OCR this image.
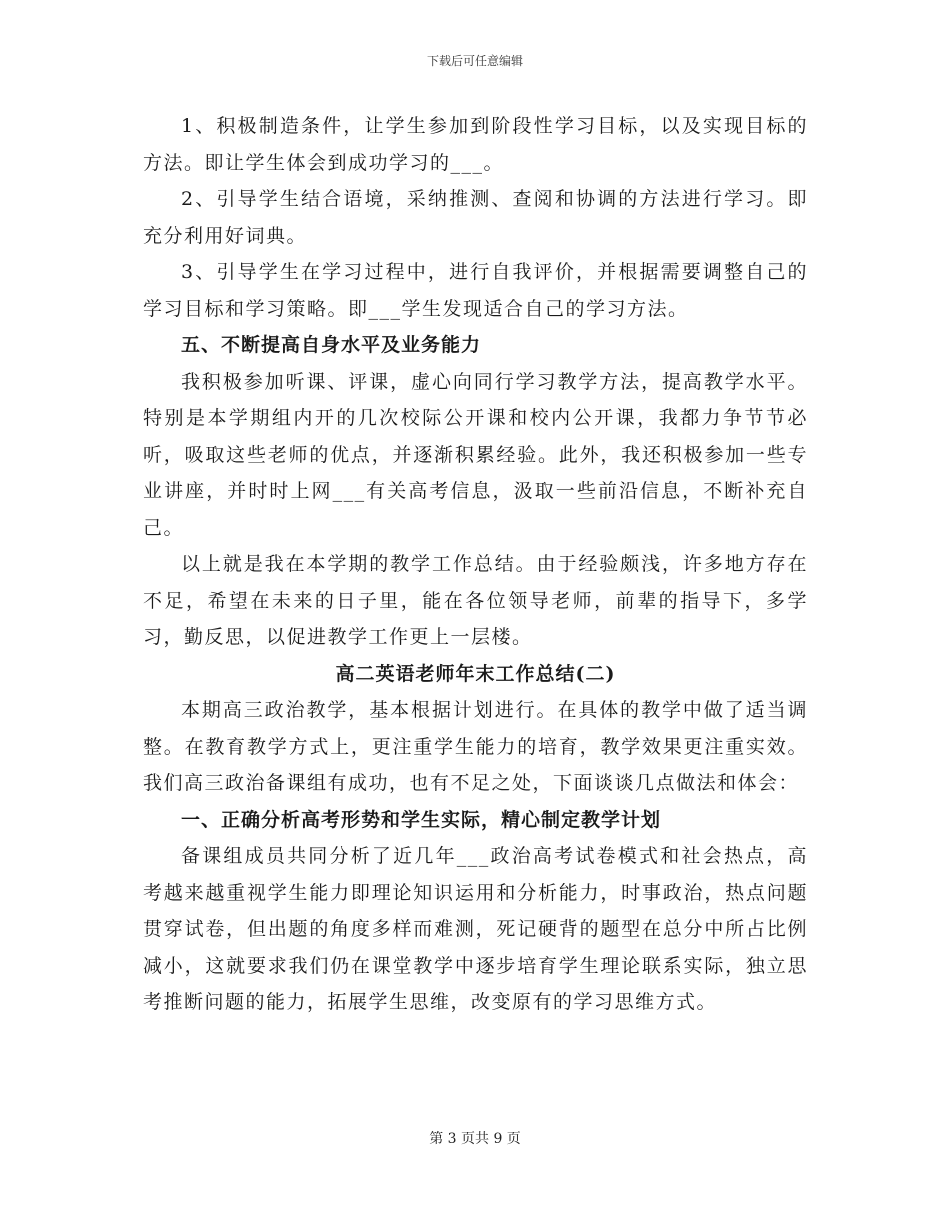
下载后可任意编辑

1、积极制造条件，让学生参加到阶段性学习目标，以及实现目标的方法。即让学生体会到成功学习的___。

2、引导学生结合语境，采纳推测、查阅和协调的方法进行学习。即充分利用好词典。

3、引导学生在学习过程中，进行自我评价，并根据需要调整自己的学习目标和学习策略。即___学生发现适合自己的学习方法。

五、不断提高自身水平及业务能力

我积极参加听课、评课，虚心向同行学习教学方法，提高教学水平。特别是本学期组内开的几次校际公开课和校内公开课，我都力争节节必听，吸取这些老师的优点，并逐渐积累经验。此外，我还积极参加一些专业讲座，并时时上网___有关高考信息，汲取一些前沿信息，不断补充自己。

以上就是我在本学期的教学工作总结。由于经验颇浅，许多地方存在不足，希望在未来的日子里，能在各位领导老师，前辈的指导下，多学习，勤反思，以促进教学工作更上一层楼。

高二英语老师年末工作总结(二)

本期高三政治教学，基本根据计划进行。在具体的教学中做了适当调整。在教育教学方式上，更注重学生能力的培育，教学效果更注重实效。我们高三政治备课组有成功，也有不足之处，下面谈谈几点做法和体会：

一、正确分析高考形势和学生实际，精心制定教学计划

备课组成员共同分析了近几年___政治高考试卷模式和社会热点，高考越来越重视学生能力即理论知识运用和分析能力，时事政治，热点问题贯穿试卷，但出题的角度多样而难测，死记硬背的题型在总分中所占比例减小，这就要求我们仍在课堂教学中逐步培育学生理论联系实际，独立思考推断问题的能力，拓展学生思维，改变原有的学习思维方式。

第 3 页共 9 页
